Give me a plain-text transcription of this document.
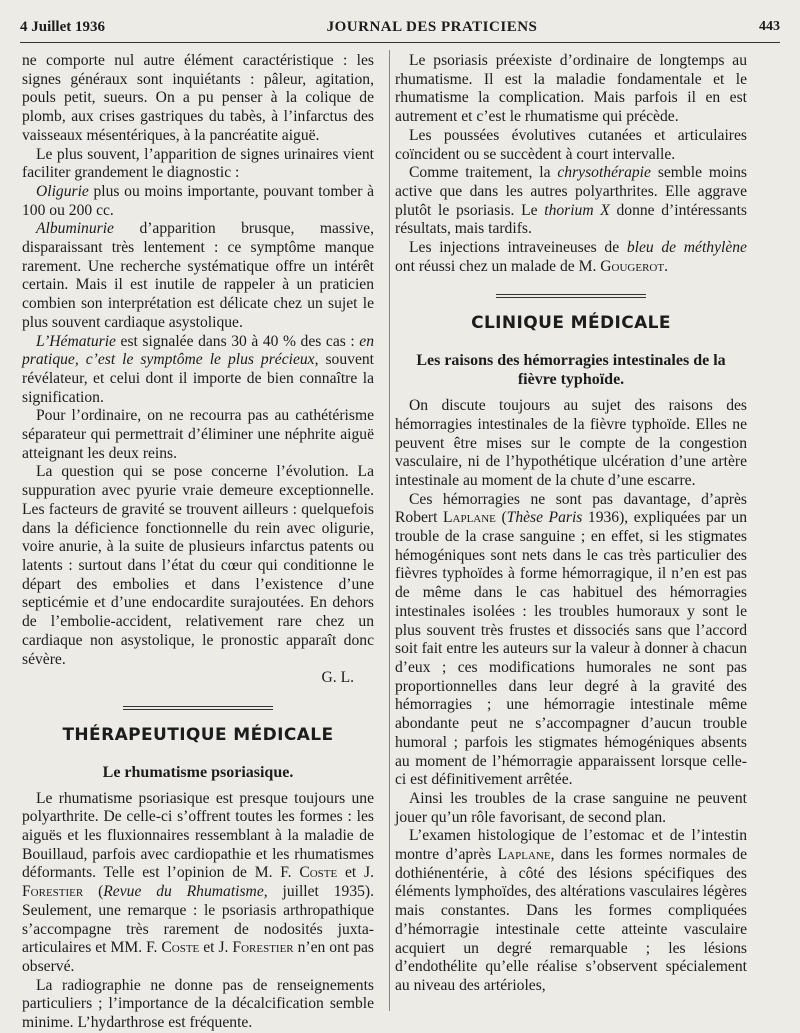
4 Juillet 1936	JOURNAL DES PRATICIENS	443

ne comporte nul autre élément caractéristique : les signes généraux sont inquiétants : pâleur, agitation, pouls petit, sueurs. On a pu penser à la colique de plomb, aux crises gastriques du tabès, à l’infarctus des vaisseaux mésentériques, à la pancréatite aiguë.

Le plus souvent, l’apparition de signes urinaires vient faciliter grandement le diagnostic :

Oligurie plus ou moins importante, pouvant tomber à 100 ou 200 cc.

Albuminurie d’apparition brusque, massive, disparaissant très lentement : ce symptôme manque rarement. Une recherche systématique offre un intérêt certain. Mais il est inutile de rappeler à un praticien combien son interprétation est délicate chez un sujet le plus souvent cardiaque asystolique.

L’Hématurie est signalée dans 30 à 40 % des cas : en pratique, c’est le symptôme le plus précieux, souvent révélateur, et celui dont il importe de bien connaître la signification.

Pour l’ordinaire, on ne recourra pas au cathétérisme séparateur qui permettrait d’éliminer une néphrite aiguë atteignant les deux reins.

La question qui se pose concerne l’évolution. La suppuration avec pyurie vraie demeure exceptionnelle. Les facteurs de gravité se trouvent ailleurs : quelquefois dans la déficience fonctionnelle du rein avec oligurie, voire anurie, à la suite de plusieurs infarctus patents ou latents : surtout dans l’état du cœur qui conditionne le départ des embolies et dans l’existence d’une septicémie et d’une endocardite surajoutées. En dehors de l’embolie-accident, relativement rare chez un cardiaque non asystolique, le pronostic apparaît donc sévère.

G. L.
THÉRAPEUTIQUE MÉDICALE
Le rhumatisme psoriasique.

Le rhumatisme psoriasique est presque toujours une polyarthrite. De celle-ci s’offrent toutes les formes : les aiguës et les fluxionnaires ressemblant à la maladie de Bouillaud, parfois avec cardiopathie et les rhumatismes déformants. Telle est l’opinion de M. F. Coste et J. Forestier (Revue du Rhumatisme, juillet 1935). Seulement, une remarque : le psoriasis arthropathique s’accompagne très rarement de nodosités juxta-articulaires et MM. F. Coste et J. Forestier n’en ont pas observé.

La radiographie ne donne pas de renseignements particuliers ; l’importance de la décalcification semble minime. L’hydarthrose est fréquente.

Le psoriasis préexiste d’ordinaire de longtemps au rhumatisme. Il est la maladie fondamentale et le rhumatisme la complication. Mais parfois il en est autrement et c’est le rhumatisme qui précède.

Les poussées évolutives cutanées et articulaires coïncident ou se succèdent à court intervalle.

Comme traitement, la chrysothérapie semble moins active que dans les autres polyarthrites. Elle aggrave plutôt le psoriasis. Le thorium X donne d’intéressants résultats, mais tardifs.

Les injections intraveineuses de bleu de méthylène ont réussi chez un malade de M. Gougerot.

CLINIQUE MÉDICALE
Les raisons des hémorragies intestinales de la fièvre typhoïde.

On discute toujours au sujet des raisons des hémorragies intestinales de la fièvre typhoïde. Elles ne peuvent être mises sur le compte de la congestion vasculaire, ni de l’hypothétique ulcération d’une artère intestinale au moment de la chute d’une escarre.

Ces hémorragies ne sont pas davantage, d’après Robert Laplane (Thèse Paris 1936), expliquées par un trouble de la crase sanguine ; en effet, si les stigmates hémogéniques sont nets dans le cas très particulier des fièvres typhoïdes à forme hémorragique, il n’en est pas de même dans le cas habituel des hémorragies intestinales isolées : les troubles humoraux y sont le plus souvent très frustes et dissociés sans que l’accord soit fait entre les auteurs sur la valeur à donner à chacun d’eux ; ces modifications humorales ne sont pas proportionnelles dans leur degré à la gravité des hémorragies ; une hémorragie intestinale même abondante peut ne s’accompagner d’aucun trouble humoral ; parfois les stigmates hémogéniques absents au moment de l’hémorragie apparaissent lorsque celle-ci est définitivement arrêtée.

Ainsi les troubles de la crase sanguine ne peuvent jouer qu’un rôle favorisant, de second plan.

L’examen histologique de l’estomac et de l’intestin montre d’après Laplane, dans les formes normales de dothiénentérie, à côté des lésions spécifiques des éléments lymphoïdes, des altérations vasculaires légères mais constantes. Dans les formes compliquées d’hémorragie intestinale cette atteinte vasculaire acquiert un degré remarquable ; les lésions d’endothélite qu’elle réalise s’observent spécialement au niveau des artérioles,
